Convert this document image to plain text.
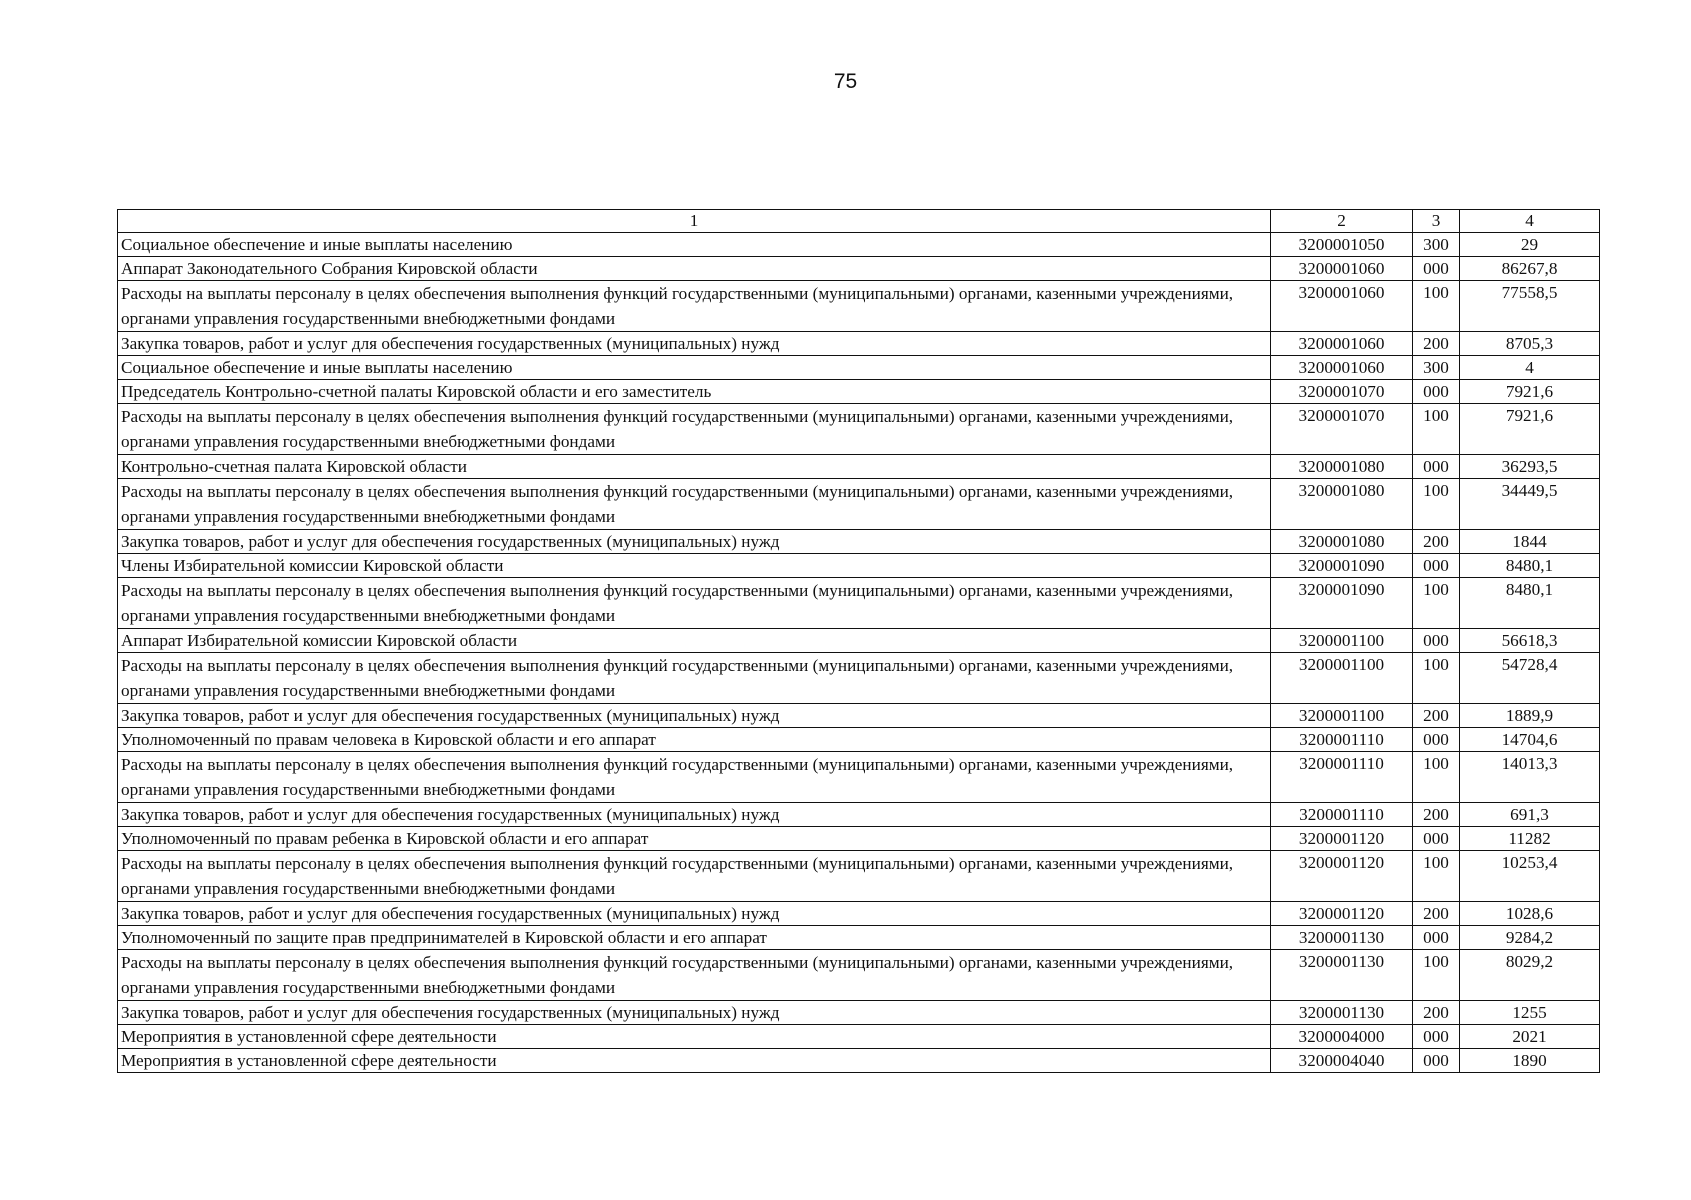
75
1	2	3	4
Социальное обеспечение и иные выплаты населению	3200001050	300	29
Аппарат Законодательного Собрания Кировской области	3200001060	000	86267,8
Расходы на выплаты персоналу в целях обеспечения выполнения функций государственными (муниципальными) органами, казенными учреждениями, органами управления государственными внебюджетными фондами	3200001060	100	77558,5
Закупка товаров, работ и услуг для обеспечения государственных (муниципальных) нужд	3200001060	200	8705,3
Социальное обеспечение и иные выплаты населению	3200001060	300	4
Председатель Контрольно-счетной палаты Кировской области и его заместитель	3200001070	000	7921,6
Расходы на выплаты персоналу в целях обеспечения выполнения функций государственными (муниципальными) органами, казенными учреждениями, органами управления государственными внебюджетными фондами	3200001070	100	7921,6
Контрольно-счетная палата Кировской области	3200001080	000	36293,5
Расходы на выплаты персоналу в целях обеспечения выполнения функций государственными (муниципальными) органами, казенными учреждениями, органами управления государственными внебюджетными фондами	3200001080	100	34449,5
Закупка товаров, работ и услуг для обеспечения государственных (муниципальных) нужд	3200001080	200	1844
Члены Избирательной комиссии Кировской области	3200001090	000	8480,1
Расходы на выплаты персоналу в целях обеспечения выполнения функций государственными (муниципальными) органами, казенными учреждениями, органами управления государственными внебюджетными фондами	3200001090	100	8480,1
Аппарат Избирательной комиссии Кировской области	3200001100	000	56618,3
Расходы на выплаты персоналу в целях обеспечения выполнения функций государственными (муниципальными) органами, казенными учреждениями, органами управления государственными внебюджетными фондами	3200001100	100	54728,4
Закупка товаров, работ и услуг для обеспечения государственных (муниципальных) нужд	3200001100	200	1889,9
Уполномоченный по правам человека в Кировской области и его аппарат	3200001110	000	14704,6
Расходы на выплаты персоналу в целях обеспечения выполнения функций государственными (муниципальными) органами, казенными учреждениями, органами управления государственными внебюджетными фондами	3200001110	100	14013,3
Закупка товаров, работ и услуг для обеспечения государственных (муниципальных) нужд	3200001110	200	691,3
Уполномоченный по правам ребенка в Кировской области и его аппарат	3200001120	000	11282
Расходы на выплаты персоналу в целях обеспечения выполнения функций государственными (муниципальными) органами, казенными учреждениями, органами управления государственными внебюджетными фондами	3200001120	100	10253,4
Закупка товаров, работ и услуг для обеспечения государственных (муниципальных) нужд	3200001120	200	1028,6
Уполномоченный по защите прав предпринимателей в Кировской области и его аппарат	3200001130	000	9284,2
Расходы на выплаты персоналу в целях обеспечения выполнения функций государственными (муниципальными) органами, казенными учреждениями, органами управления государственными внебюджетными фондами	3200001130	100	8029,2
Закупка товаров, работ и услуг для обеспечения государственных (муниципальных) нужд	3200001130	200	1255
Мероприятия в установленной сфере деятельности	3200004000	000	2021
Мероприятия в установленной сфере деятельности	3200004040	000	1890
